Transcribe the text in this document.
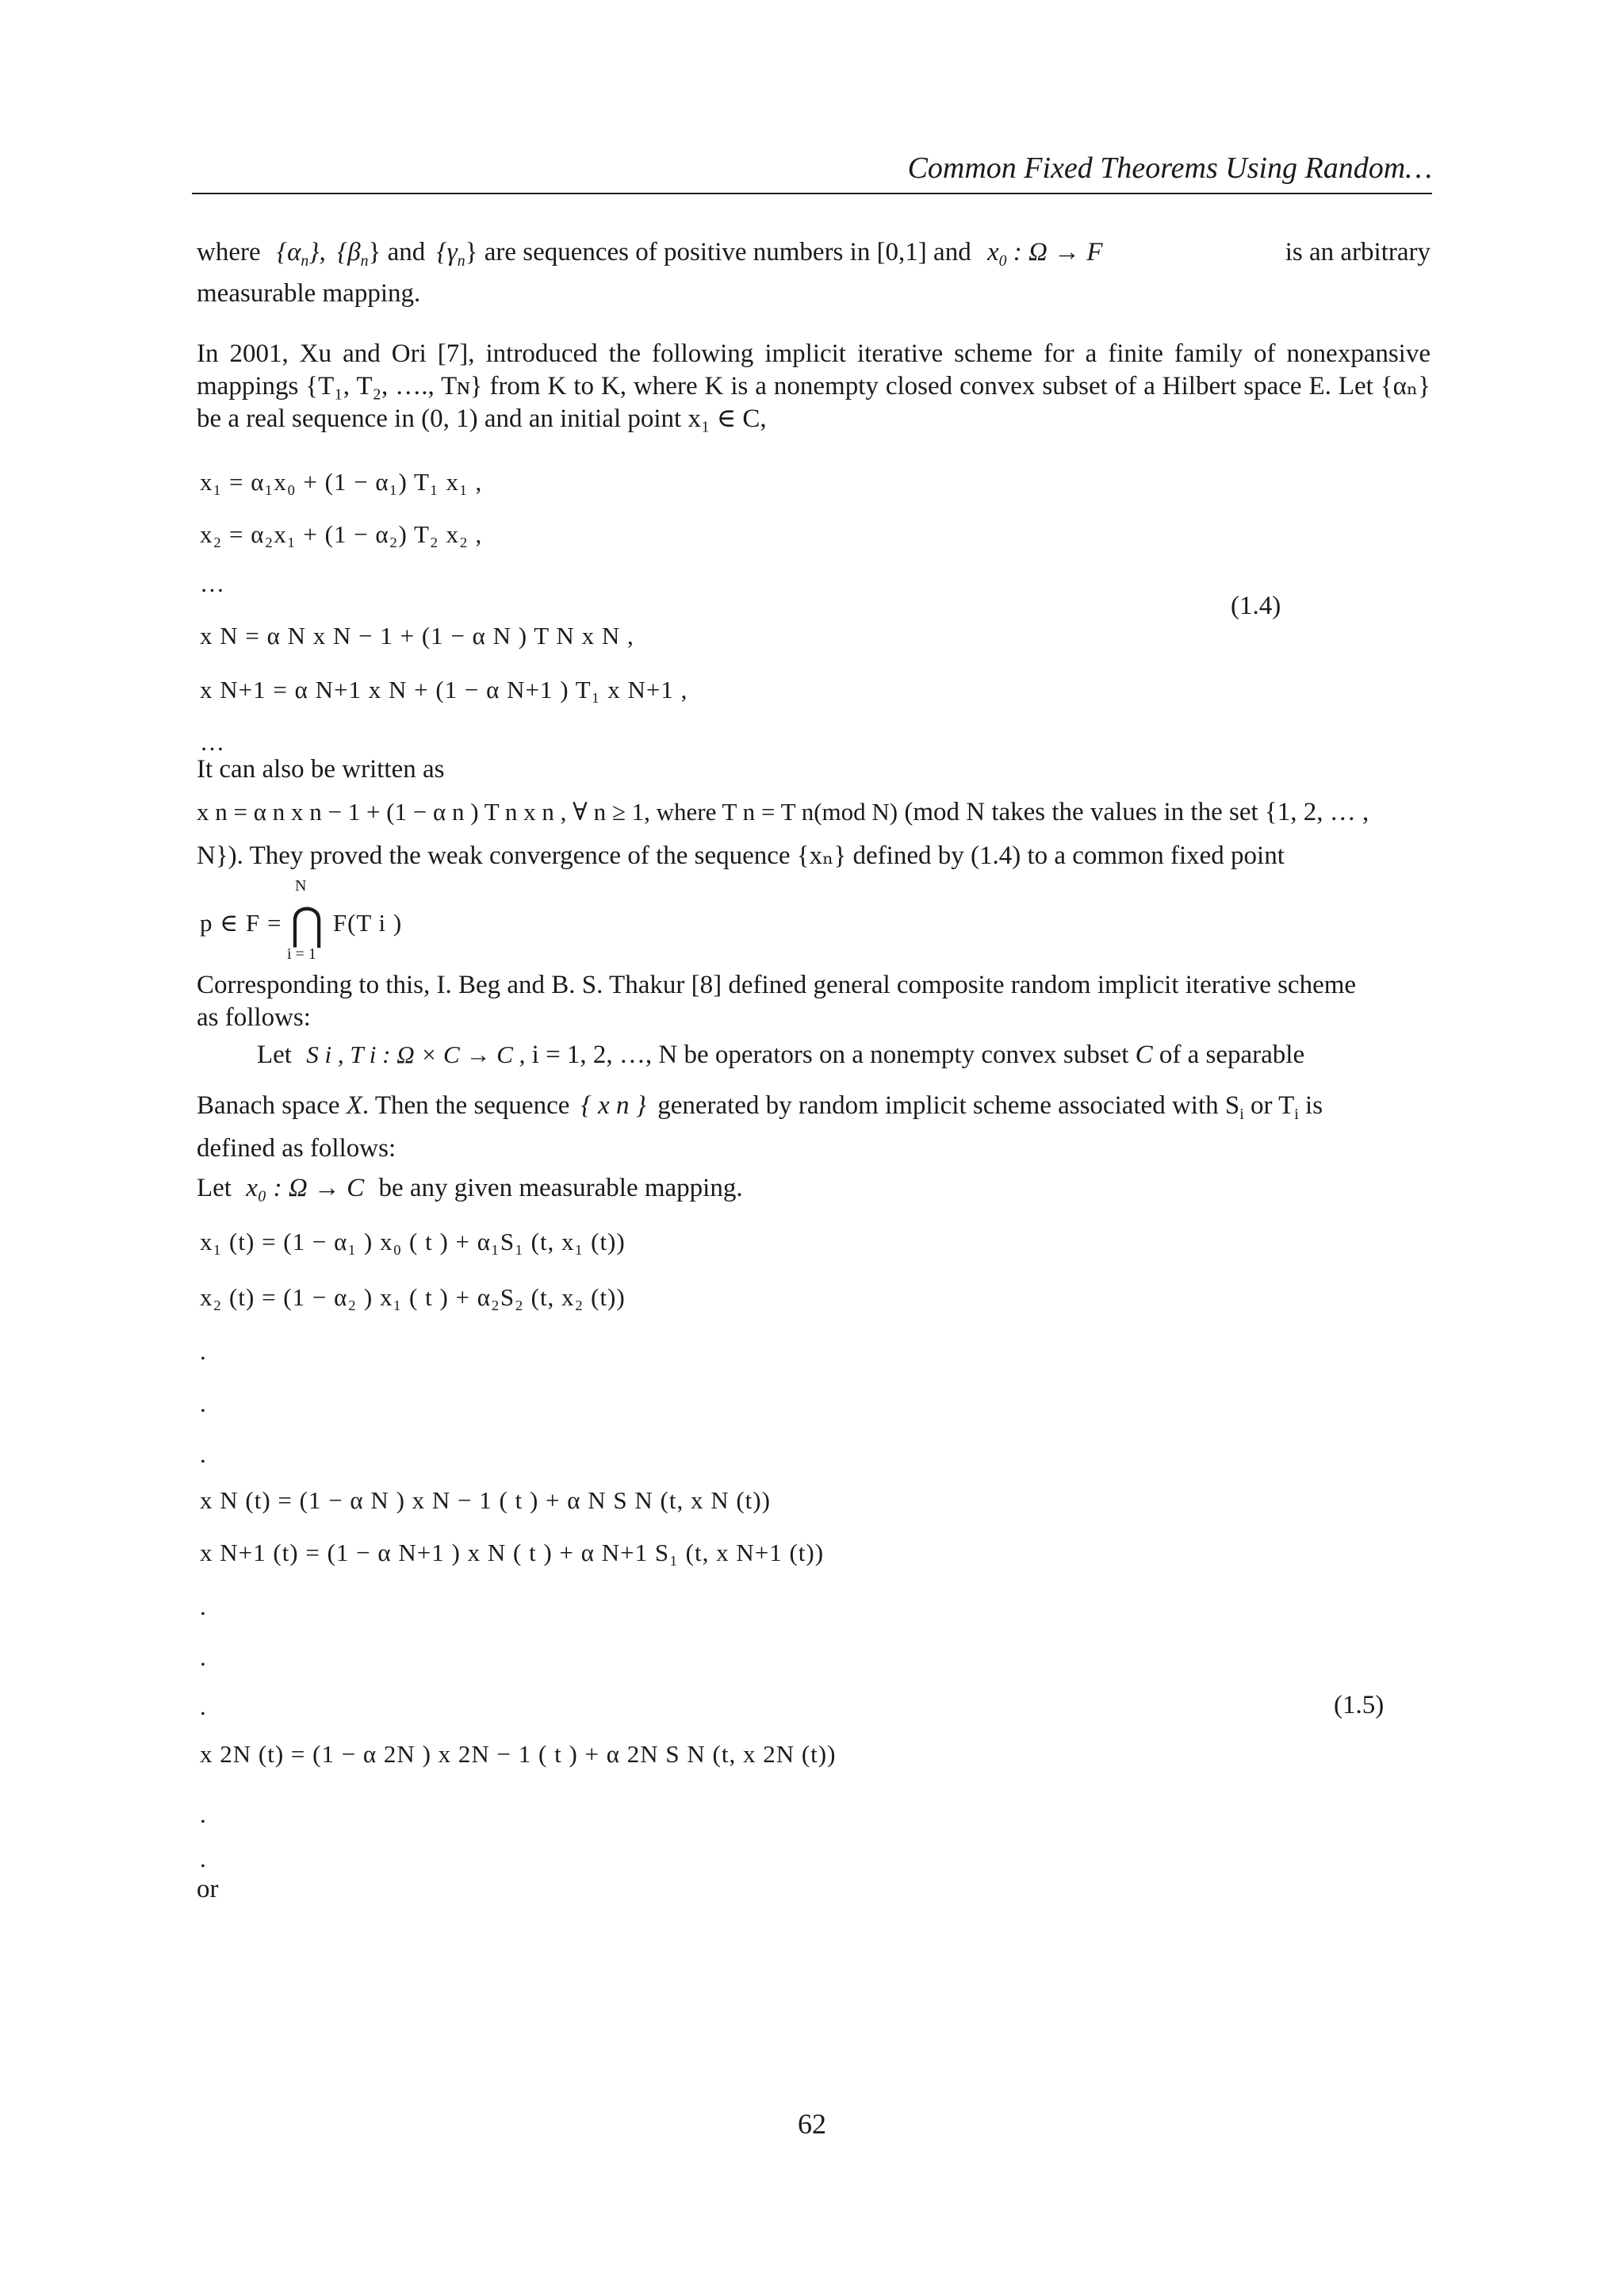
Common Fixed Theorems Using Random…
where $\{\alpha_n\}$, $\{\beta_n\}$ and $\{\gamma_n\}$ are sequences of positive numbers in [0,1] and $x_0$ : Ω → F	is an arbitrary
measurable mapping.
In 2001, Xu and Ori [7], introduced the following implicit iterative scheme for a finite family of nonexpansive mappings {T₁, T₂, …., Tɴ} from K to K, where K is a nonempty closed convex subset of a Hilbert space E. Let {αₙ} be a real sequence in (0, 1) and an initial point x₁ ∈ C,
x₁ = α₁x₀ + (1 − α₁) T₁ x₁ ,
x₂ = α₂x₁ + (1 − α₂) T₂ x₂ ,
…
(1.4)
x N = α N x N − 1 + (1 − α N ) T N x N ,
x N+1 = α N+1 x N + (1 − α N+1 ) T₁ x N+1 ,
…
It can also be written as
x n = α n x n − 1 + (1 − α n ) T n x n , ∀ n ≥ 1, where T n = T n(mod N) (mod N takes the values in the set {1, 2, … ,
N}). They proved the weak convergence of the sequence {xₙ} defined by (1.4) to a common fixed point
N
p ∈ F = ⋂ F(T i )
i = 1
Corresponding to this, I. Beg and B. S. Thakur [8] defined general composite random implicit iterative scheme
as follows:
Let S i , T i : Ω × C → C , i = 1, 2, …, N be operators on a nonempty convex subset C of a separable
Banach space X. Then the sequence { x n } generated by random implicit scheme associated with $S_i$ or $T_i$ is
defined as follows:
Let x₀ : Ω → C be any given measurable mapping.
x₁ (t) = (1 − α₁ ) x₀ ( t ) + α₁S₁ (t, x₁ (t))
x₂ (t) = (1 − α₂ ) x₁ ( t ) + α₂S₂ (t, x₂ (t))
.
.
.
x N (t) = (1 − α N ) x N − 1 ( t ) + α N S N (t, x N (t))
x N+1 (t) = (1 − α N+1 ) x N ( t ) + α N+1 S₁ (t, x N+1 (t))
.
.
.	(1.5)
x 2N (t) = (1 − α 2N ) x 2N − 1 ( t ) + α 2N S N (t, x 2N (t))
.
.
or
62
